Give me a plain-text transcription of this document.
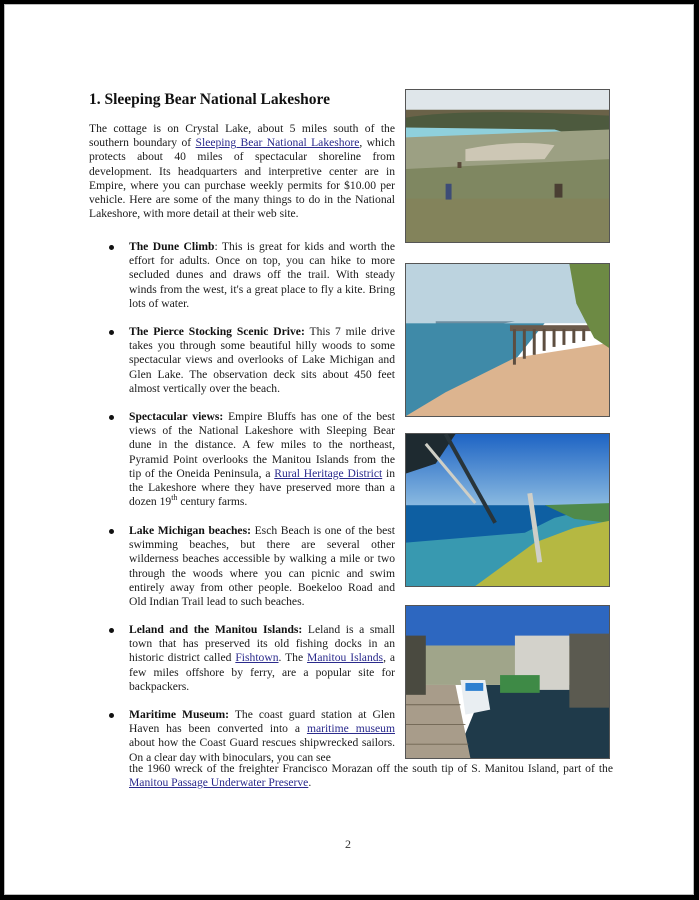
1. Sleeping Bear National Lakeshore

The cottage is on Crystal Lake, about 5 miles south of the southern boundary of Sleeping Bear National Lakeshore, which protects about 40 miles of spectacular shoreline from development. Its headquarters and interpretive center are in Empire, where you can purchase weekly permits for $10.00 per vehicle. Here are some of the many things to do in the National Lakeshore, with more detail at their web site.

The Dune Climb: This is great for kids and worth the effort for adults. Once on top, you can hike to more secluded dunes and draws off the trail. With steady winds from the west, it's a great place to fly a kite. Bring lots of water.

The Pierce Stocking Scenic Drive: This 7 mile drive takes you through some beautiful hilly woods to some spectacular views and overlooks of Lake Michigan and Glen Lake. The observation deck sits about 450 feet almost vertically over the beach.

Spectacular views: Empire Bluffs has one of the best views of the National Lakeshore with Sleeping Bear dune in the distance. A few miles to the northeast, Pyramid Point overlooks the Manitou Islands from the tip of the Oneida Peninsula, a Rural Heritage District in the Lakeshore where they have preserved more than a dozen 19th century farms.

Lake Michigan beaches: Esch Beach is one of the best swimming beaches, but there are several other wilderness beaches accessible by walking a mile or two through the woods where you can picnic and swim entirely away from other people. Boekeloo Road and Old Indian Trail lead to such beaches.

Leland and the Manitou Islands: Leland is a small town that has preserved its old fishing docks in an historic district called Fishtown. The Manitou Islands, a few miles offshore by ferry, are a popular site for backpackers.

Maritime Museum: The coast guard station at Glen Haven has been converted into a maritime museum about how the Coast Guard rescues shipwrecked sailors. On a clear day with binoculars, you can see

the 1960 wreck of the freighter Francisco Morazan off the south tip of S. Manitou Island, part of the Manitou Passage Underwater Preserve.

2
